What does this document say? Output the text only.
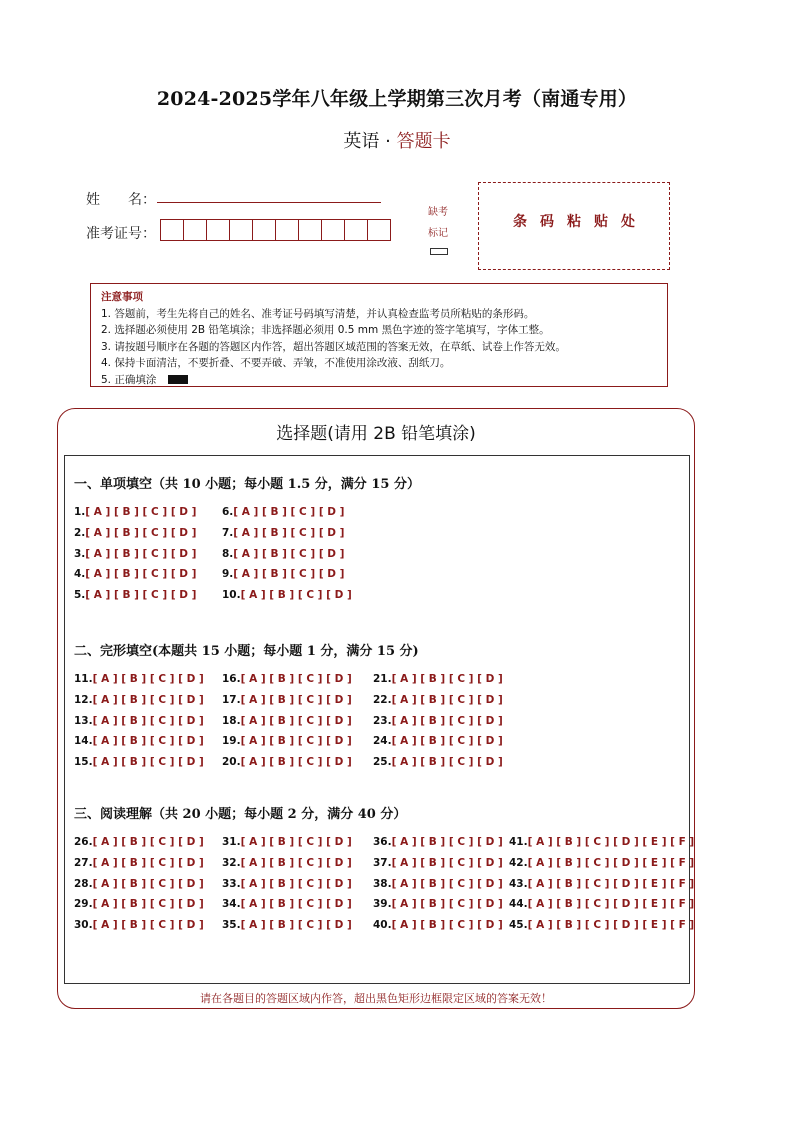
2024-2025学年八年级上学期第三次月考（南通专用）
英语 · 答题卡
姓　　名：
准考证号：
缺考
标记
条码粘贴处
注意事项
1. 答题前，考生先将自己的姓名、准考证号码填写清楚，并认真检查监考员所粘贴的条形码。
2. 选择题必须使用 2B 铅笔填涂；非选择题必须用 0.5 mm 黑色字迹的签字笔填写，字体工整。
3. 请按题号顺序在各题的答题区内作答，超出答题区域范围的答案无效，在草纸、试卷上作答无效。
4. 保持卡面清洁，不要折叠、不要弄破、弄皱，不准使用涂改液、刮纸刀。
5. 正确填涂
选择题(请用 2B 铅笔填涂)
一、单项填空（共 10 小题；每小题 1.5 分，满分 15 分）
二、完形填空(本题共 15 小题；每小题 1 分，满分 15 分)
三、阅读理解（共 20 小题；每小题 2 分，满分 40 分）
1.[ A ] [ B ] [ C ] [ D ]
2.[ A ] [ B ] [ C ] [ D ]
3.[ A ] [ B ] [ C ] [ D ]
4.[ A ] [ B ] [ C ] [ D ]
5.[ A ] [ B ] [ C ] [ D ]
6.[ A ] [ B ] [ C ] [ D ]
7.[ A ] [ B ] [ C ] [ D ]
8.[ A ] [ B ] [ C ] [ D ]
9.[ A ] [ B ] [ C ] [ D ]
10.[ A ] [ B ] [ C ] [ D ]
11.[ A ] [ B ] [ C ] [ D ]
12.[ A ] [ B ] [ C ] [ D ]
13.[ A ] [ B ] [ C ] [ D ]
14.[ A ] [ B ] [ C ] [ D ]
15.[ A ] [ B ] [ C ] [ D ]
16.[ A ] [ B ] [ C ] [ D ]
17.[ A ] [ B ] [ C ] [ D ]
18.[ A ] [ B ] [ C ] [ D ]
19.[ A ] [ B ] [ C ] [ D ]
20.[ A ] [ B ] [ C ] [ D ]
21.[ A ] [ B ] [ C ] [ D ]
22.[ A ] [ B ] [ C ] [ D ]
23.[ A ] [ B ] [ C ] [ D ]
24.[ A ] [ B ] [ C ] [ D ]
25.[ A ] [ B ] [ C ] [ D ]
26.[ A ] [ B ] [ C ] [ D ]
27.[ A ] [ B ] [ C ] [ D ]
28.[ A ] [ B ] [ C ] [ D ]
29.[ A ] [ B ] [ C ] [ D ]
30.[ A ] [ B ] [ C ] [ D ]
31.[ A ] [ B ] [ C ] [ D ]
32.[ A ] [ B ] [ C ] [ D ]
33.[ A ] [ B ] [ C ] [ D ]
34.[ A ] [ B ] [ C ] [ D ]
35.[ A ] [ B ] [ C ] [ D ]
36.[ A ] [ B ] [ C ] [ D ]
37.[ A ] [ B ] [ C ] [ D ]
38.[ A ] [ B ] [ C ] [ D ]
39.[ A ] [ B ] [ C ] [ D ]
40.[ A ] [ B ] [ C ] [ D ]
41.[ A ] [ B ] [ C ] [ D ] [ E ] [ F ]
42.[ A ] [ B ] [ C ] [ D ] [ E ] [ F ]
43.[ A ] [ B ] [ C ] [ D ] [ E ] [ F ]
44.[ A ] [ B ] [ C ] [ D ] [ E ] [ F ]
45.[ A ] [ B ] [ C ] [ D ] [ E ] [ F ]
请在各题目的答题区域内作答，超出黑色矩形边框限定区域的答案无效！
